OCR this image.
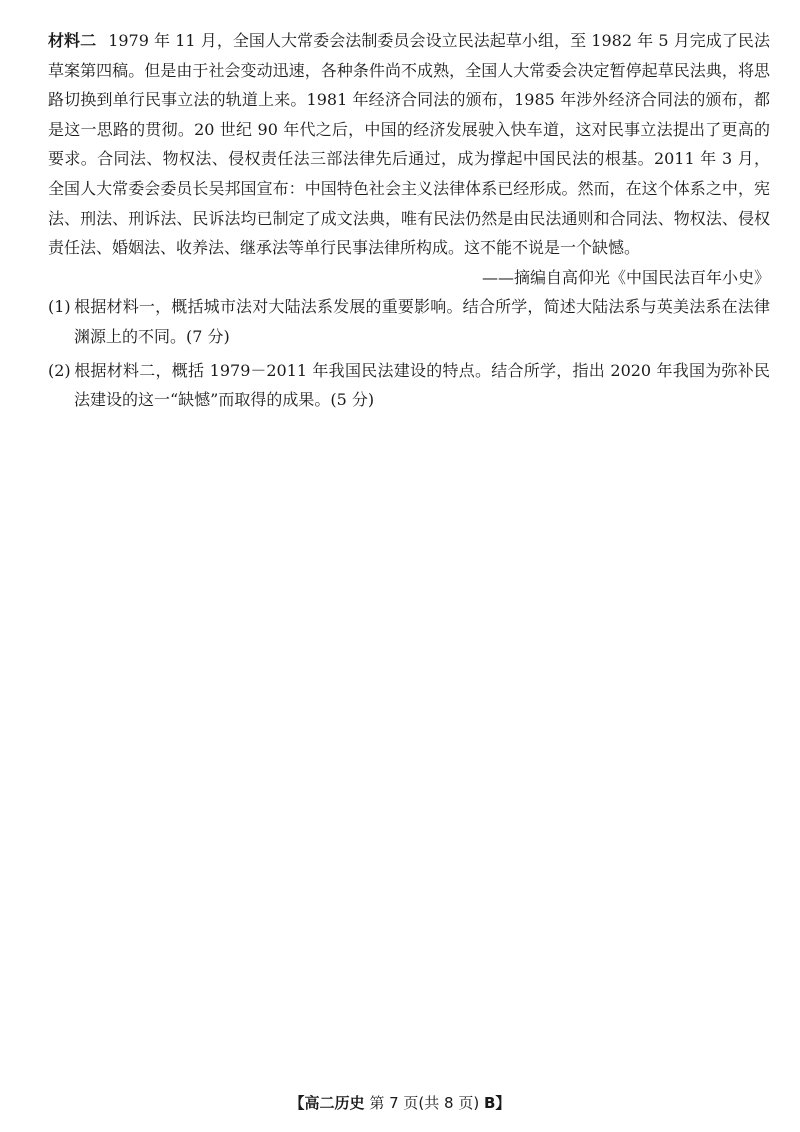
材料二 1979 年 11 月，全国人大常委会法制委员会设立民法起草小组，至 1982 年 5 月完成了民法草案第四稿。但是由于社会变动迅速，各种条件尚不成熟，全国人大常委会决定暂停起草民法典，将思路切换到单行民事立法的轨道上来。1981 年经济合同法的颁布，1985 年涉外经济合同法的颁布，都是这一思路的贯彻。20 世纪 90 年代之后，中国的经济发展驶入快车道，这对民事立法提出了更高的要求。合同法、物权法、侵权责任法三部法律先后通过，成为撑起中国民法的根基。2011 年 3 月，全国人大常委会委员长吴邦国宣布：中国特色社会主义法律体系已经形成。然而，在这个体系之中，宪法、刑法、刑诉法、民诉法均已制定了成文法典，唯有民法仍然是由民法通则和合同法、物权法、侵权责任法、婚姻法、收养法、继承法等单行民事法律所构成。这不能不说是一个缺憾。

——摘编自高仰光《中国民法百年小史》

(1) 根据材料一，概括城市法对大陆法系发展的重要影响。结合所学，简述大陆法系与英美法系在法律渊源上的不同。(7 分)
(2) 根据材料二，概括 1979－2011 年我国民法建设的特点。结合所学，指出 2020 年我国为弥补民法建设的这一“缺憾”而取得的成果。(5 分)
【高二历史 第 7 页(共 8 页) B】
